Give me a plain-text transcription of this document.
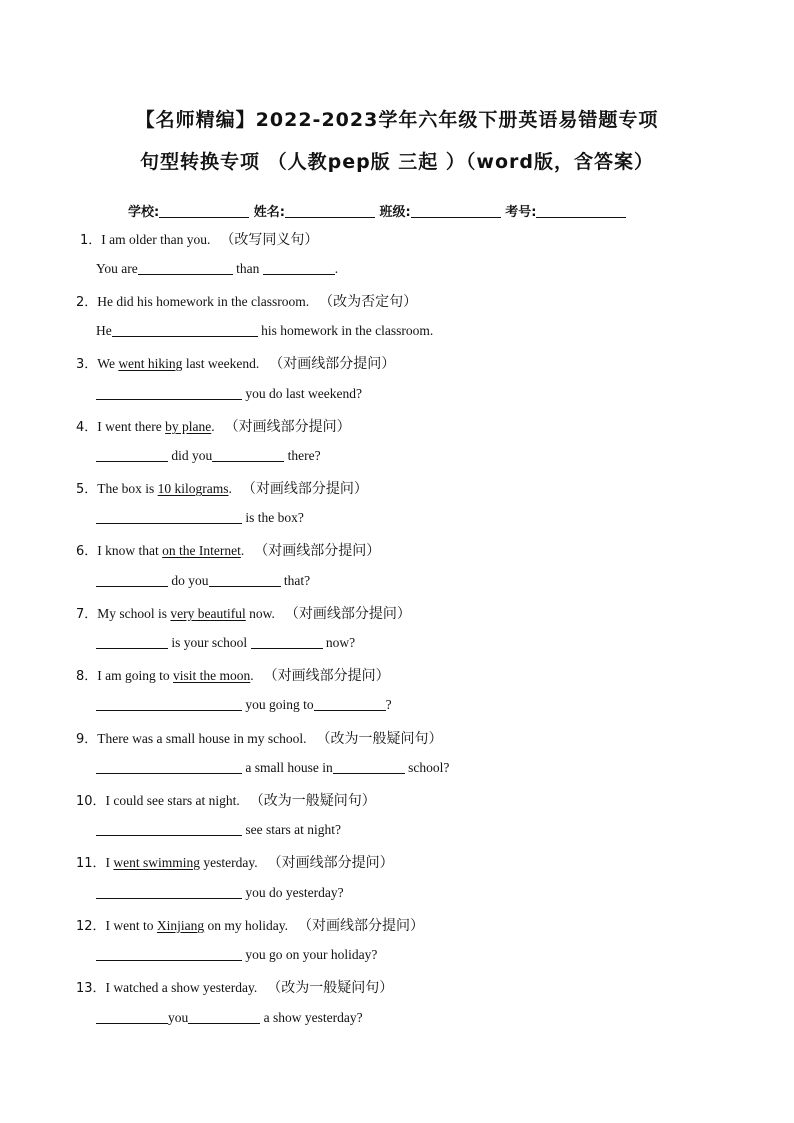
【名师精编】2022-2023学年六年级下册英语易错题专项
句型转换专项 （人教pep版 三起 ）（word版，含答案）
学校:	姓名:	班级:	考号:
1．I am older than you. （改写同义句）
You are	than	.
2．He did his homework in the classroom. （改为否定句）
He	his homework in the classroom.
3．We went hiking last weekend. （对画线部分提问）
you do last weekend?
4．I went there by plane. （对画线部分提问）
did you	there?
5．The box is 10 kilograms. （对画线部分提问）
is the box?
6．I know that on the Internet. （对画线部分提问）
do you	that?
7．My school is very beautiful now. （对画线部分提问）
is your school	now?
8．I am going to visit the moon. （对画线部分提问）
you going to	?
9．There was a small house in my school. （改为一般疑问句）
a small house in	school?
10．I could see stars at night. （改为一般疑问句）
see stars at night?
11．I went swimming yesterday. （对画线部分提问）
you do yesterday?
12．I went to Xinjiang on my holiday. （对画线部分提问）
you go on your holiday?
13．I watched a show yesterday. （改为一般疑问句）
you	a show yesterday?
